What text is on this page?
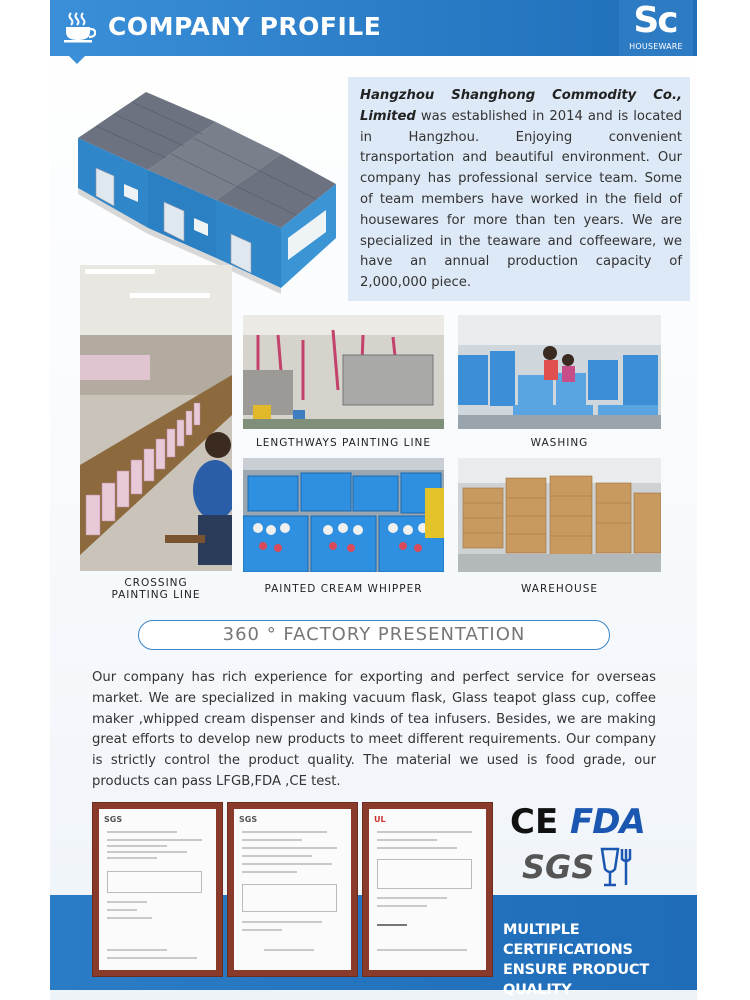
COMPANY PROFILE	Sc
HOUSEWARE
Hangzhou Shanghong Commodity Co., Limited was established in 2014 and is located in Hangzhou. Enjoying convenient transportation and beautiful environment. Our company has professional service team. Some of team members have worked in the field of housewares for more than ten years. We are specialized in the teaware and coffeeware, we have an annual production capacity of 2,000,000 piece.
CROSSING
PAINTING LINE
LENGTHWAYS PAINTING LINE	WASHING
PAINTED CREAM WHIPPER	WAREHOUSE
360 ° FACTORY PRESENTATION
Our company has rich experience for exporting and perfect service for overseas market. We are specialized in making vacuum flask, Glass teapot glass cup, coffee maker ,whipped cream dispenser and kinds of tea infusers. Besides, we are making great efforts to develop new products to meet different requirements. Our company is strictly control the product quality. The material we used is food grade, our products can pass LFGB,FDA ,CE test.
SGS	SGS	UL	CE FDA
SGS
MULTIPLE CERTIFICATIONS
ENSURE PRODUCT QUALITY
